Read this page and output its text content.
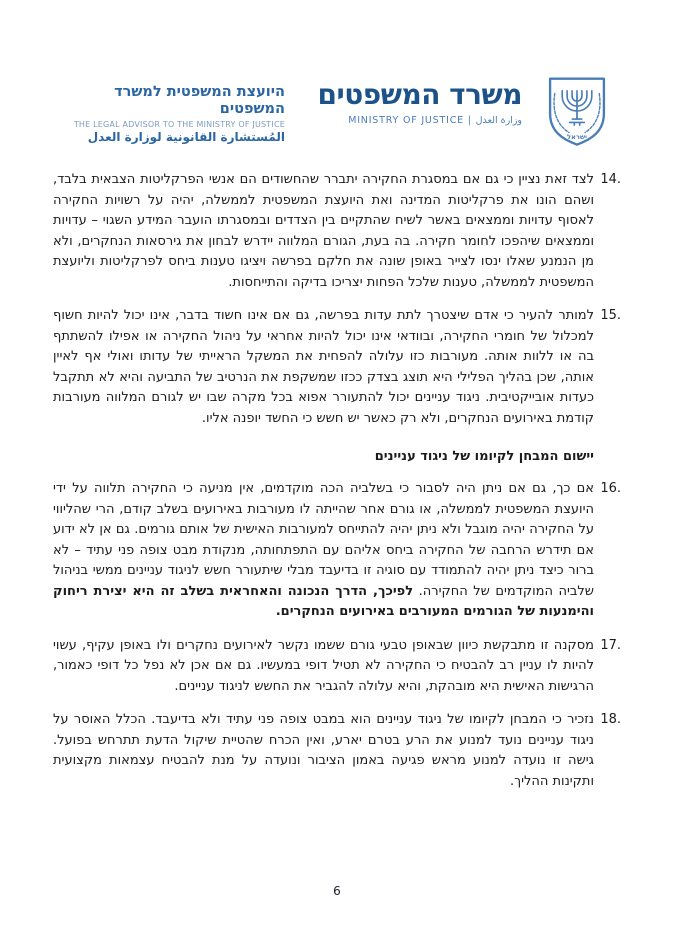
ישראל
משרד המשפטים
MINISTRY OF JUSTICE | وزارة العدل
היועצת המשפטית למשרד המשפטים
THE LEGAL ADVISOR TO THE MINISTRY OF JUSTICE
المُستشارة القانونية لوزارة العدل
14.
לצד זאת נציין כי גם אם במסגרת החקירה יתברר שהחשודים הם אנשי הפרקליטות הצבאית בלבד, ושהם הונו את פרקליטות המדינה ואת היועצת המשפטית לממשלה, יהיה על רשויות החקירה לאסוף עדויות וממצאים באשר לשיח שהתקיים בין הצדדים ובמסגרתו הועבר המידע השגוי – עדויות וממצאים שיהפכו לחומר חקירה. בה בעת, הגורם המלווה יידרש לבחון את גירסאות הנחקרים, ולא מן הנמנע שאלו ינסו לצייר באופן שונה את חלקם בפרשה ויציגו טענות ביחס לפרקליטות וליועצת המשפטית לממשלה, טענות שלכל הפחות יצריכו בדיקה והתייחסות.
15.
למותר להעיר כי אדם שיצטרך לתת עדות בפרשה, גם אם אינו חשוד בדבר, אינו יכול להיות חשוף למכלול של חומרי החקירה, ובוודאי אינו יכול להיות אחראי על ניהול החקירה או אפילו להשתתף בה או ללוות אותה. מעורבות כזו עלולה להפחית את המשקל הראייתי של עדותו ואולי אף לאיין אותה, שכן בהליך הפלילי היא תוצג בצדק ככזו שמשקפת את הנרטיב של התביעה והיא לא תתקבל כעדות אובייקטיבית. ניגוד עניינים יכול להתעורר אפוא בכל מקרה שבו יש לגורם המלווה מעורבות קודמת באירועים הנחקרים, ולא רק כאשר יש חשש כי החשד יופנה אליו.
יישום המבחן לקיומו של ניגוד עניינים
16.
אם כך, גם אם ניתן היה לסבור כי בשלביה הכה מוקדמים, אין מניעה כי החקירה תלווה על ידי היועצת המשפטית לממשלה, או גורם אחר שהייתה לו מעורבות באירועים בשלב קודם, הרי שהליווי על החקירה יהיה מוגבל ולא ניתן יהיה להתייחס למעורבות האישית של אותם גורמים. גם אן לא ידוע אם תידרש הרחבה של החקירה ביחס אליהם עם התפתחותה, מנקודת מבט צופה פני עתיד – לא ברור כיצד ניתן יהיה להתמודד עם סוגיה זו בדיעבד מבלי שיתעורר חשש לניגוד עניינים ממשי בניהול שלביה המוקדמים של החקירה. לפיכך, הדרך הנכונה והאחראית בשלב זה היא יצירת ריחוק והימנעות של הגורמים המעורבים באירועים הנחקרים.
17.
מסקנה זו מתבקשת כיוון שבאופן טבעי גורם ששמו נקשר לאירועים נחקרים ולו באופן עקיף, עשוי להיות לו עניין רב להבטיח כי החקירה לא תטיל דופי במעשיו. גם אם אכן לא נפל כל דופי כאמור, הרגישות האישית היא מובהקת, והיא עלולה להגביר את החשש לניגוד עניינים.
18.
נזכיר כי המבחן לקיומו של ניגוד עניינים הוא במבט צופה פני עתיד ולא בדיעבד. הכלל האוסר על ניגוד עניינים נועד למנוע את הרע בטרם יארע, ואין הכרח שהטיית שיקול הדעת תתרחש בפועל. גישה זו נועדה למנוע מראש פגיעה באמון הציבור ונועדה על מנת להבטיח עצמאות מקצועית ותקינות ההליך.
6
